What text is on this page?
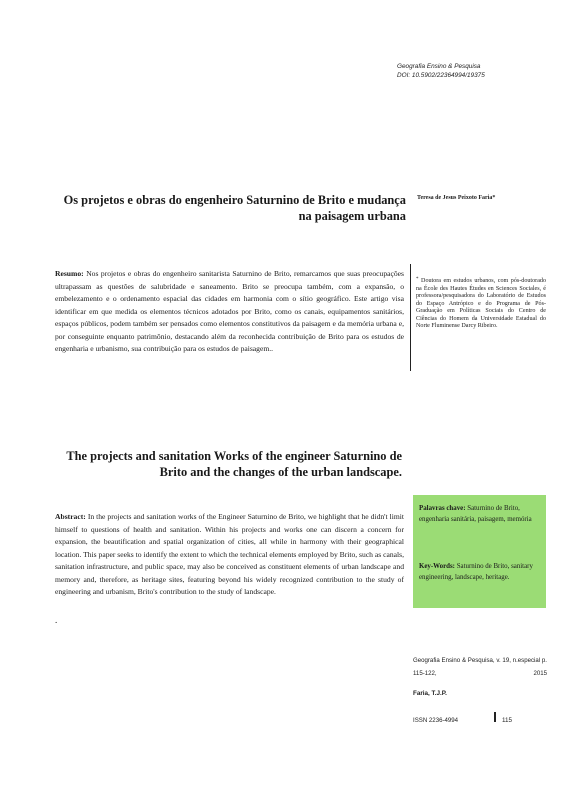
Geografia Ensino & Pesquisa
DOI: 10.5902/22364994/19375
Os projetos e obras do engenheiro Saturnino de Brito e mudança na paisagem urbana
Teresa de Jesus Peixoto Faria*
Resumo: Nos projetos e obras do engenheiro sanitarista Saturnino de Brito, remarcamos que suas preocupações ultrapassam as questões de salubridade e saneamento. Brito se preocupa também, com a expansão, o embelezamento e o ordenamento espacial das cidades em harmonia com o sítio geográfico. Este artigo visa identificar em que medida os elementos técnicos adotados por Brito, como os canais, equipamentos sanitários, espaços públicos, podem também ser pensados como elementos constitutivos da paisagem e da memória urbana e, por conseguinte enquanto patrimônio, destacando além da reconhecida contribuição de Brito para os estudos de engenharia e urbanismo, sua contribuição para os estudos de paisagem..
* Doutora em estudos urbanos, com pós-doutorado na École des Hautes Études en Sciences Sociales, é professora/pesquisadora do Laboratório de Estudos do Espaço Antrópico e do Programa de Pós-Graduação em Políticas Sociais do Centro de Ciências do Homem da Universidade Estadual do Norte Fluminense Darcy Ribeiro.
The projects and sanitation Works of the engineer Saturnino de Brito and the changes of the urban landscape.
Palavras chave: Saturnino de Brito, engenharia sanitária, paisagem, memória
Key-Words: Saturnino de Brito, sanitary engineering, landscape, heritage.
Abstract: In the projects and sanitation works of the Engineer Saturnino de Brito, we highlight that he didn't limit himself to questions of health and sanitation. Within his projects and works one can discern a concern for expansion, the beautification and spatial organization of cities, all while in harmony with their geographical location. This paper seeks to identify the extent to which the technical elements employed by Brito, such as canals, sanitation infrastructure, and public space, may also be conceived as constituent elements of urban landscape and memory and, therefore, as heritage sites, featuring beyond his widely recognized contribution to the study of engineering and urbanism, Brito's contribution to the study of landscape.
.
Geografia Ensino & Pesquisa, v. 19, n.especial p. 115-122, 2015
Faria, T.J.P.
ISSN 2236-4994	115
